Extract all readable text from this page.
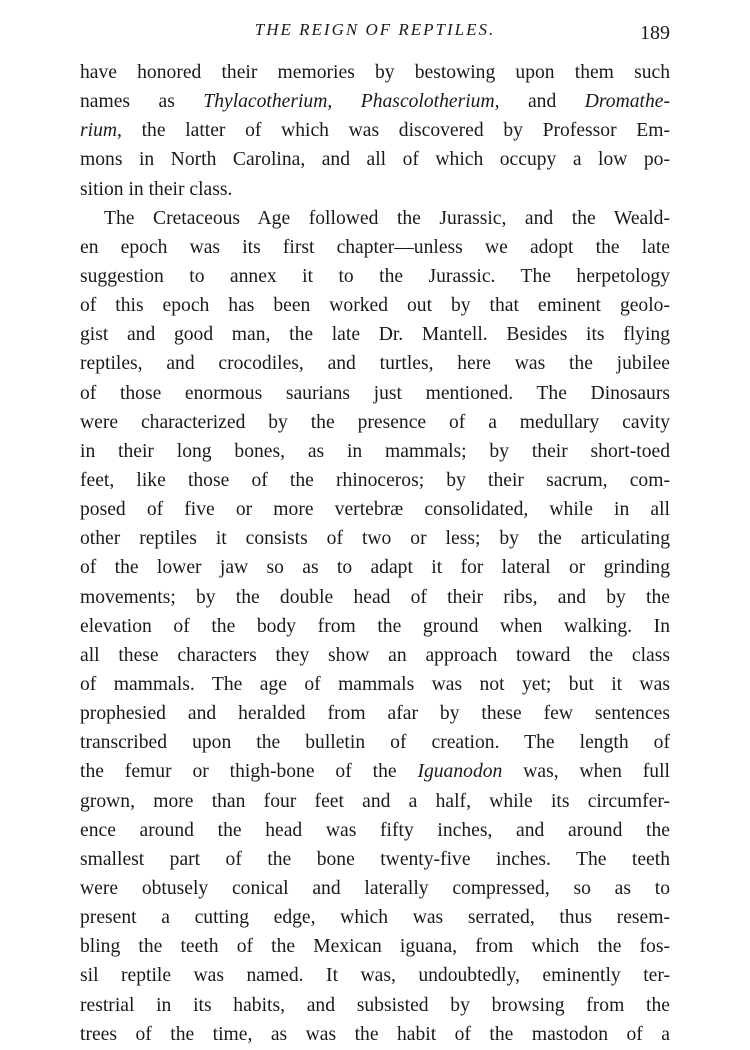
THE REIGN OF REPTILES.	189
have honored their memories by bestowing upon them such
names as Thylacotherium, Phascolotherium, and Dromathe-
rium, the latter of which was discovered by Professor Em-
mons in North Carolina, and all of which occupy a low po-
sition in their class.
The Cretaceous Age followed the Jurassic, and the Weald-
en epoch was its first chapter—unless we adopt the late
suggestion to annex it to the Jurassic. The herpetology
of this epoch has been worked out by that eminent geolo-
gist and good man, the late Dr. Mantell. Besides its flying
reptiles, and crocodiles, and turtles, here was the jubilee
of those enormous saurians just mentioned. The Dinosaurs
were characterized by the presence of a medullary cavity
in their long bones, as in mammals; by their short-toed
feet, like those of the rhinoceros; by their sacrum, com-
posed of five or more vertebræ consolidated, while in all
other reptiles it consists of two or less; by the articulating
of the lower jaw so as to adapt it for lateral or grinding
movements; by the double head of their ribs, and by the
elevation of the body from the ground when walking. In
all these characters they show an approach toward the class
of mammals. The age of mammals was not yet; but it was
prophesied and heralded from afar by these few sentences
transcribed upon the bulletin of creation. The length of
the femur or thigh-bone of the Iguanodon was, when full
grown, more than four feet and a half, while its circumfer-
ence around the head was fifty inches, and around the
smallest part of the bone twenty-five inches. The teeth
were obtusely conical and laterally compressed, so as to
present a cutting edge, which was serrated, thus resem-
bling the teeth of the Mexican iguana, from which the fos-
sil reptile was named. It was, undoubtedly, eminently ter-
restrial in its habits, and subsisted by browsing from the
trees of the time, as was the habit of the mastodon of a
